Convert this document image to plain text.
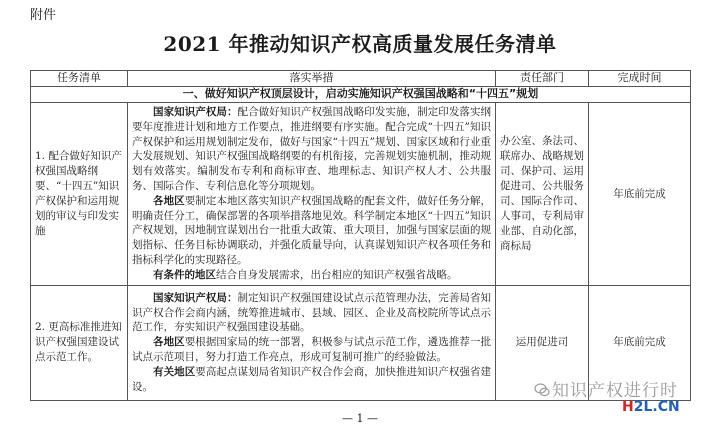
附件
2021 年推动知识产权高质量发展任务清单
任务清单	落实举措	责任部门	完成时间
一、做好知识产权顶层设计，启动实施知识产权强国战略和“十四五”规划			
1. 配合做好知识产权强国战略纲要、“十四五”知识产权保护和运用规划的审议与印发实施	国家知识产权局：配合做好知识产权强国战略印发实施，制定印发落实纲要年度推进计划和地方工作要点，推进纲要有序实施。配合完成“十四五”知识产权保护和运用规划制定发布，做好与国家“十四五”规划、国家区域和行业重大发展规划、知识产权强国战略纲要的有机衔接，完善规划实施机制，推动规划有效落实。编制发布专利和商标审查、地理标志、知识产权人才、公共服务、国际合作、专利信息化等分项规划。

各地区要制定本地区落实知识产权强国战略的配套文件，做好任务分解，明确责任分工，确保部署的各项举措落地见效。科学制定本地区“十四五”知识产权规划，因地制宜谋划出台一批重大政策、重大项目，加强与国家层面的规划指标、任务目标协调联动，并强化质量导向，认真谋划知识产权各项任务和指标科学化的实现路径。

有条件的地区结合自身发展需求，出台相应的知识产权强省战略。	办公室、条法司、联席办、战略规划司、保护司、运用促进司、公共服务司、国际合作司、人事司，专利局审业部、自动化部，商标局	年底前完成
2. 更高标准推进知识产权强国建设试点示范工作。	国家知识产权局：制定知识产权强国建设试点示范管理办法，完善局省知识产权合作会商内涵，统筹推进城市、县域、园区、企业及高校院所等试点示范工作，夯实知识产权强国建设基础。

各地区要根据国家局的统一部署，积极参与试点示范工作，遴选推荐一批试点示范项目，努力打造工作亮点，形成可复制可推广的经验做法。

有关地区要高起点谋划局省知识产权合作会商，加快推进知识产权强省建设。	运用促进司	年底前完成
知识产权进行时
— 1 —
H2L.CN
